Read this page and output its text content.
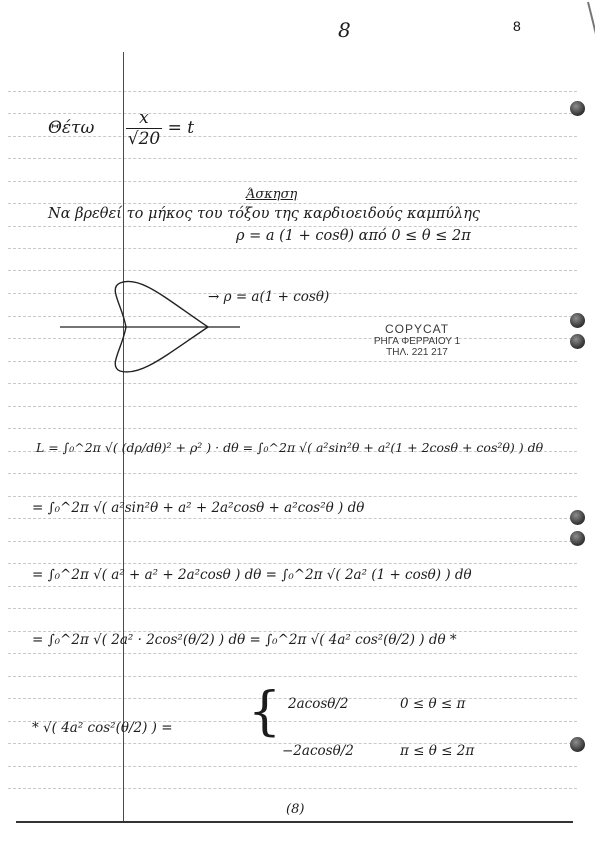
8
8
Θέτω $\frac{x}{√20} = t$
Άσκηση
Να βρεθεί το μήκος του τόξου της καρδιοειδούς καμπύλης
ρ = a (1 + cosθ) από 0 ≤ θ ≤ 2π
→ ρ = a(1 + cosθ)
COPYCAT
ΡΗΓΑ ΦΕΡΡΑΙΟΥ 1
ΤΗΛ. 221 217
L = ∫₀^2π √( (dρ/dθ)² + ρ² ) · dθ = ∫₀^2π √( a²sin²θ + a²(1 + 2cosθ + cos²θ) ) dθ
= ∫₀^2π √( a²sin²θ + a² + 2a²cosθ + a²cos²θ ) dθ
= ∫₀^2π √( a² + a² + 2a²cosθ ) dθ = ∫₀^2π √( 2a² (1 + cosθ) ) dθ
= ∫₀^2π √( 2a² · 2cos²(θ/2) ) dθ = ∫₀^2π √( 4a² cos²(θ/2) ) dθ *
* √( 4a² cos²(θ/2) ) = { 2acosθ/2	0 ≤ θ ≤ π
−2acosθ/2	π ≤ θ ≤ 2π
(8)
